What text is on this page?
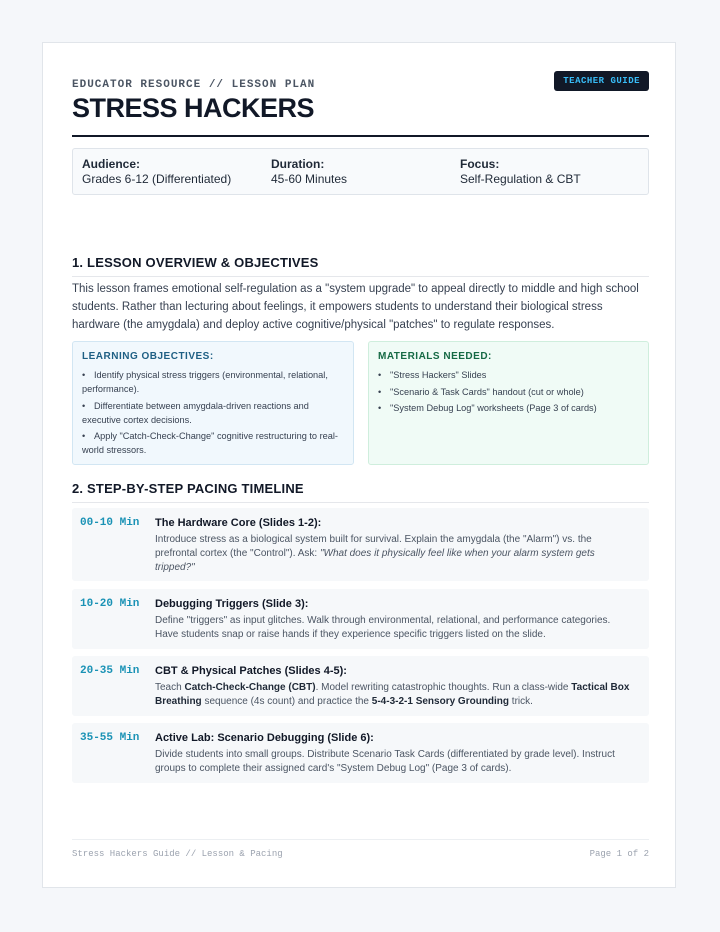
EDUCATOR RESOURCE // LESSON PLAN	TEACHER GUIDE
STRESS HACKERS
Audience:
Grades 6-12 (Differentiated)
Duration:
45-60 Minutes
Focus:
Self-Regulation & CBT
1. LESSON OVERVIEW & OBJECTIVES
This lesson frames emotional self-regulation as a "system upgrade" to appeal directly to middle and high school students. Rather than lecturing about feelings, it empowers students to understand their biological stress hardware (the amygdala) and deploy active cognitive/physical "patches" to regulate responses.
LEARNING OBJECTIVES:
• Identify physical stress triggers (environmental, relational, performance).
• Differentiate between amygdala-driven reactions and executive cortex decisions.
• Apply "Catch-Check-Change" cognitive restructuring to real-world stressors.
MATERIALS NEEDED:
• "Stress Hackers" Slides
• "Scenario & Task Cards" handout (cut or whole)
• "System Debug Log" worksheets (Page 3 of cards)
2. STEP-BY-STEP PACING TIMELINE
00-10 Min The Hardware Core (Slides 1-2):
Introduce stress as a biological system built for survival. Explain the amygdala (the "Alarm") vs. the prefrontal cortex (the "Control"). Ask: "What does it physically feel like when your alarm system gets tripped?"
10-20 Min Debugging Triggers (Slide 3):
Define "triggers" as input glitches. Walk through environmental, relational, and performance categories. Have students snap or raise hands if they experience specific triggers listed on the slide.
20-35 Min CBT & Physical Patches (Slides 4-5):
Teach Catch-Check-Change (CBT). Model rewriting catastrophic thoughts. Run a class-wide Tactical Box Breathing sequence (4s count) and practice the 5-4-3-2-1 Sensory Grounding trick.
35-55 Min Active Lab: Scenario Debugging (Slide 6):
Divide students into small groups. Distribute Scenario Task Cards (differentiated by grade level). Instruct groups to complete their assigned card's "System Debug Log" (Page 3 of cards).
Stress Hackers Guide // Lesson & Pacing	Page 1 of 2
